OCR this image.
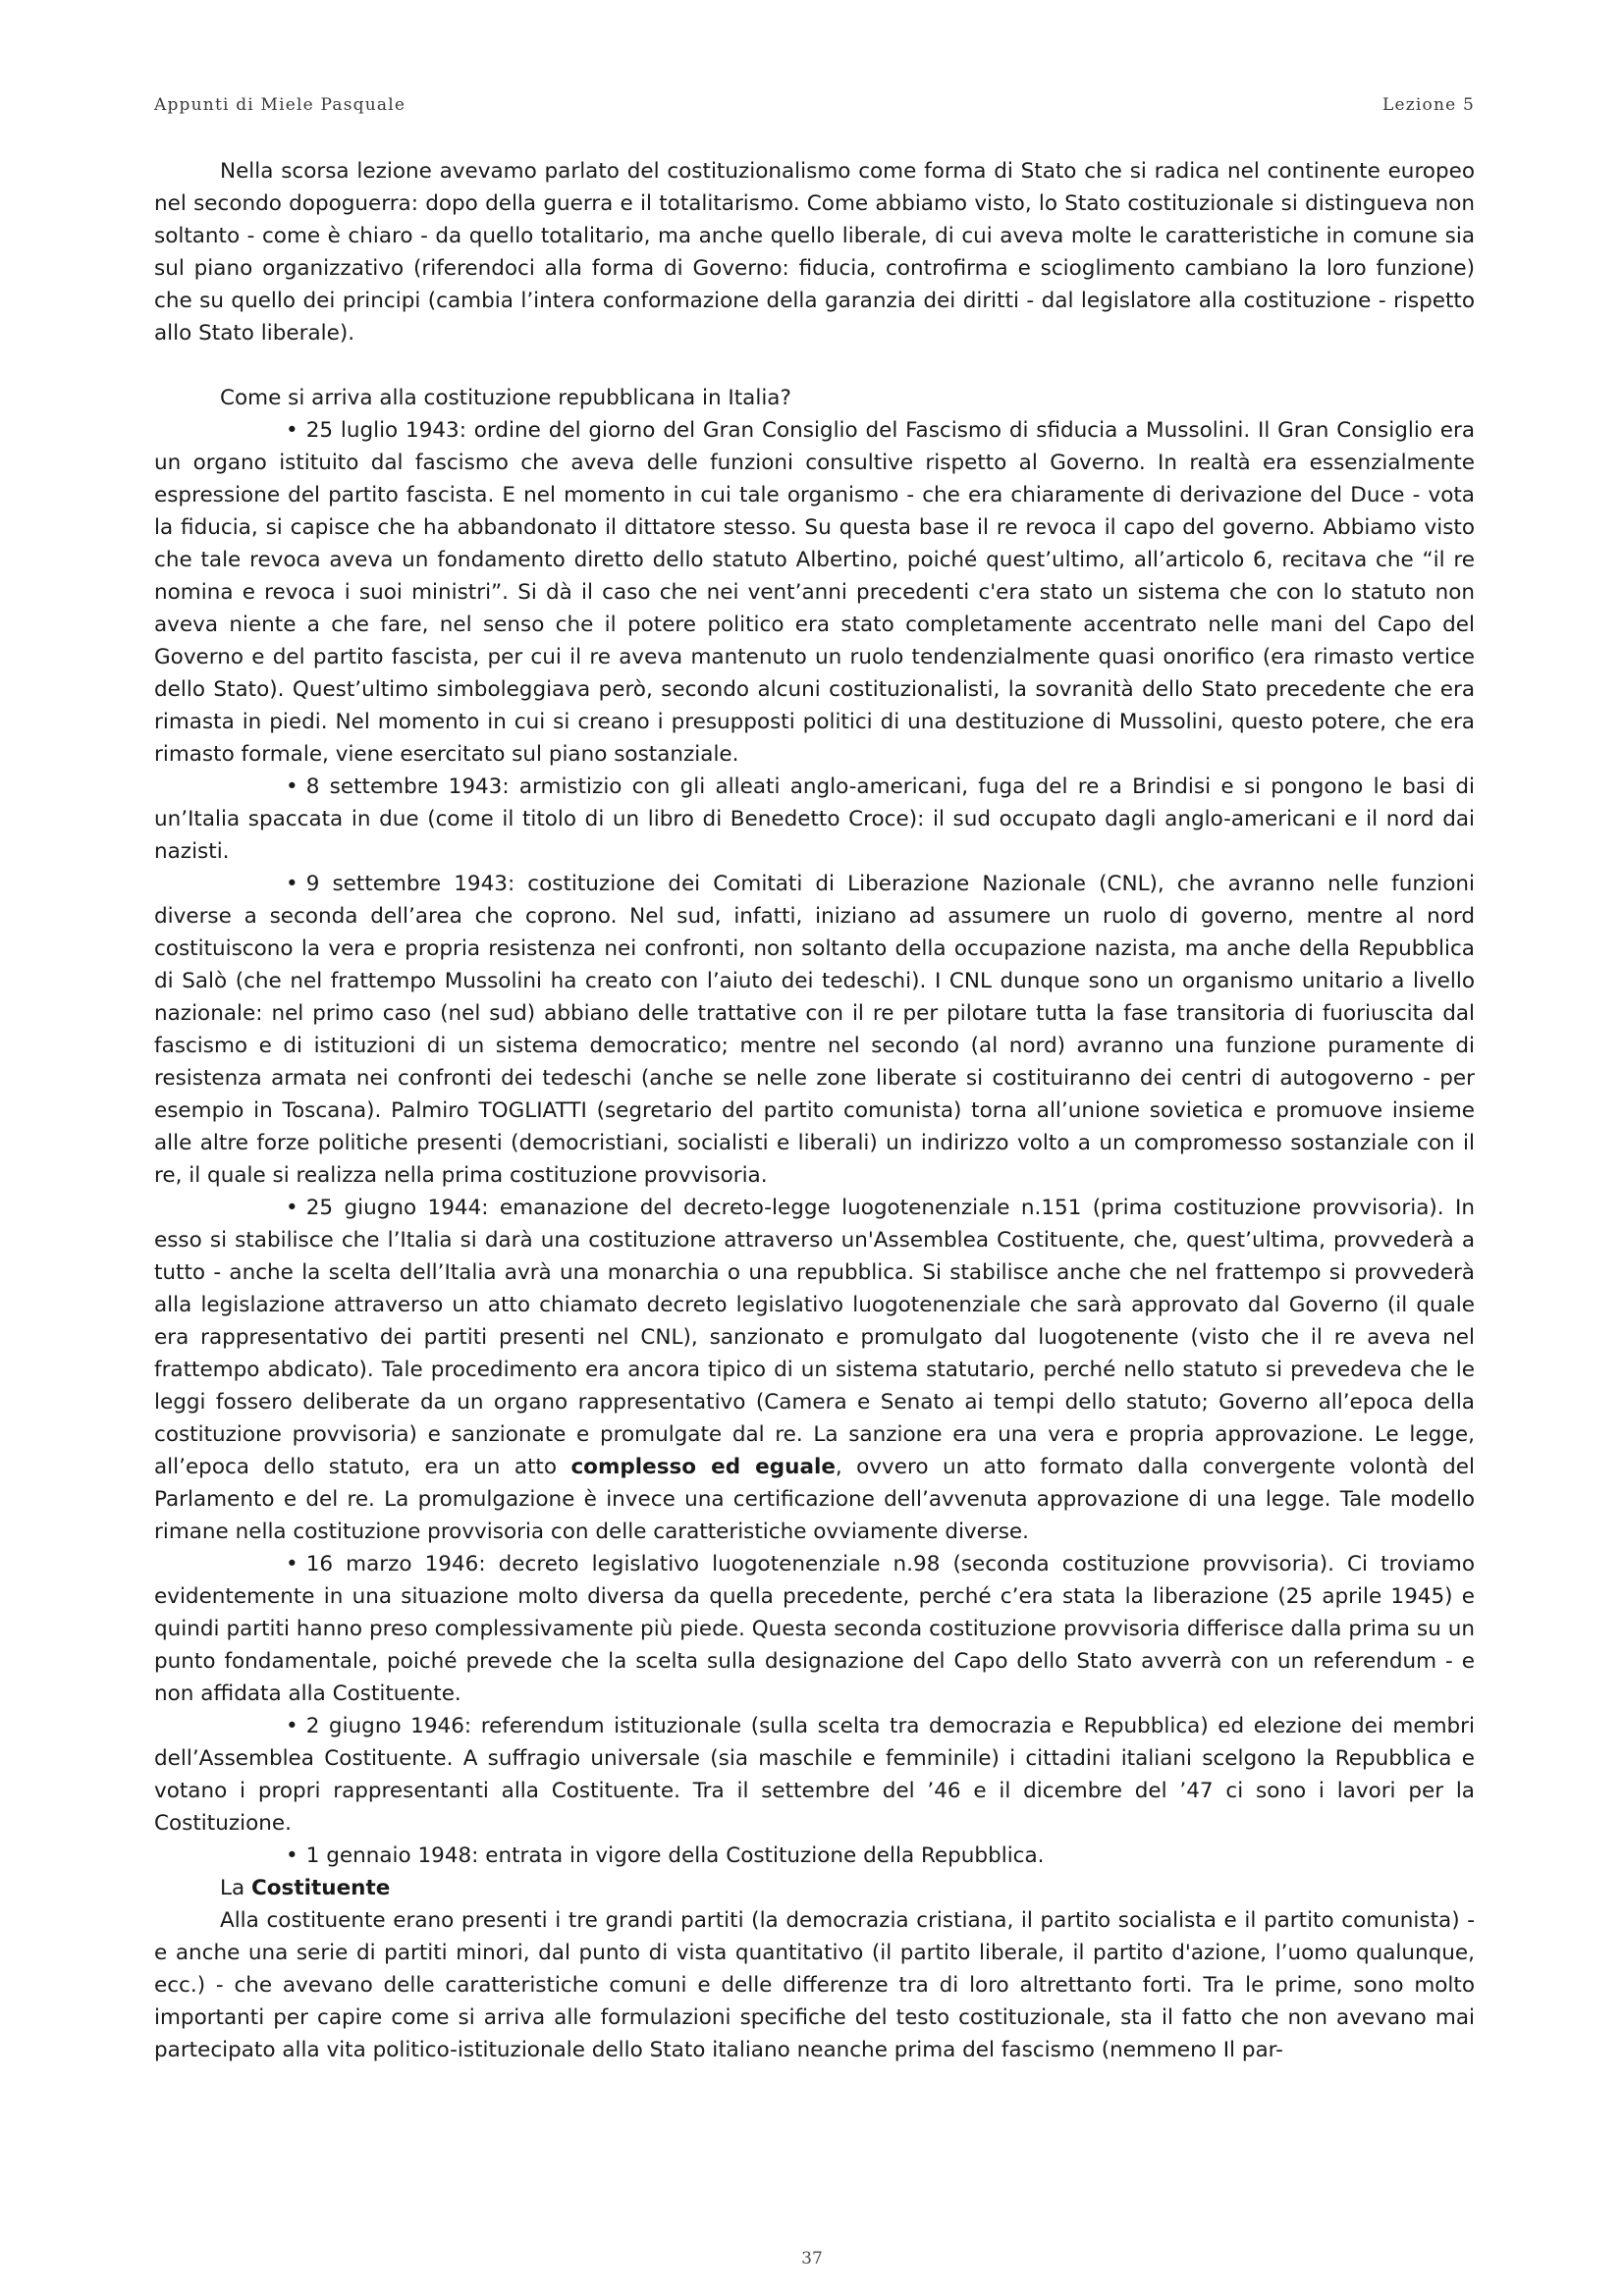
Appunti di Miele Pasquale	Lezione 5

Nella scorsa lezione avevamo parlato del costituzionalismo come forma di Stato che si radica nel continente europeo nel secondo dopoguerra: dopo della guerra e il totalitarismo. Come abbiamo visto, lo Stato costituzionale si distingueva non soltanto - come è chiaro - da quello totalitario, ma anche quello liberale, di cui aveva molte le caratteristiche in comune sia sul piano organizzativo (riferendoci alla forma di Governo: fiducia, controfirma e scioglimento cambiano la loro funzione) che su quello dei principi (cambia l’intera conformazione della garanzia dei diritti - dal legislatore alla costituzione - rispetto allo Stato liberale).

Come si arriva alla costituzione repubblicana in Italia?

• 25 luglio 1943: ordine del giorno del Gran Consiglio del Fascismo di sfiducia a Mussolini. Il Gran Consiglio era un organo istituito dal fascismo che aveva delle funzioni consultive rispetto al Governo. In realtà era essenzialmente espressione del partito fascista. E nel momento in cui tale organismo - che era chiaramente di derivazione del Duce - vota la fiducia, si capisce che ha abbandonato il dittatore stesso. Su questa base il re revoca il capo del governo. Abbiamo visto che tale revoca aveva un fondamento diretto dello statuto Albertino, poiché quest’ultimo, all’articolo 6, recitava che “il re nomina e revoca i suoi ministri”. Si dà il caso che nei vent’anni precedenti c'era stato un sistema che con lo statuto non aveva niente a che fare, nel senso che il potere politico era stato completamente accentrato nelle mani del Capo del Governo e del partito fascista, per cui il re aveva mantenuto un ruolo tendenzialmente quasi onorifico (era rimasto vertice dello Stato). Quest’ultimo simboleggiava però, secondo alcuni costituzionalisti, la sovranità dello Stato precedente che era rimasta in piedi. Nel momento in cui si creano i presupposti politici di una destituzione di Mussolini, questo potere, che era rimasto formale, viene esercitato sul piano sostanziale.

• 8 settembre 1943: armistizio con gli alleati anglo-americani, fuga del re a Brindisi e si pongono le basi di un’Italia spaccata in due (come il titolo di un libro di Benedetto Croce): il sud occupato dagli anglo-americani e il nord dai nazisti.

• 9 settembre 1943: costituzione dei Comitati di Liberazione Nazionale (CNL), che avranno nelle funzioni diverse a seconda dell’area che coprono. Nel sud, infatti, iniziano ad assumere un ruolo di governo, mentre al nord costituiscono la vera e propria resistenza nei confronti, non soltanto della occupazione nazista, ma anche della Repubblica di Salò (che nel frattempo Mussolini ha creato con l’aiuto dei tedeschi). I CNL dunque sono un organismo unitario a livello nazionale: nel primo caso (nel sud) abbiano delle trattative con il re per pilotare tutta la fase transitoria di fuoriuscita dal fascismo e di istituzioni di un sistema democratico; mentre nel secondo (al nord) avranno una funzione puramente di resistenza armata nei confronti dei tedeschi (anche se nelle zone liberate si costituiranno dei centri di autogoverno - per esempio in Toscana). Palmiro TOGLIATTI (segretario del partito comunista) torna all’unione sovietica e promuove insieme alle altre forze politiche presenti (democristiani, socialisti e liberali) un indirizzo volto a un compromesso sostanziale con il re, il quale si realizza nella prima costituzione provvisoria.

• 25 giugno 1944: emanazione del decreto-legge luogotenenziale n.151 (prima costituzione provvisoria). In esso si stabilisce che l’Italia si darà una costituzione attraverso un'Assemblea Costituente, che, quest’ultima, provvederà a tutto - anche la scelta dell’Italia avrà una monarchia o una repubblica. Si stabilisce anche che nel frattempo si provvederà alla legislazione attraverso un atto chiamato decreto legislativo luogotenenziale che sarà approvato dal Governo (il quale era rappresentativo dei partiti presenti nel CNL), sanzionato e promulgato dal luogotenente (visto che il re aveva nel frattempo abdicato). Tale procedimento era ancora tipico di un sistema statutario, perché nello statuto si prevedeva che le leggi fossero deliberate da un organo rappresentativo (Camera e Senato ai tempi dello statuto; Governo all’epoca della costituzione provvisoria) e sanzionate e promulgate dal re. La sanzione era una vera e propria approvazione. Le legge, all’epoca dello statuto, era un atto complesso ed eguale, ovvero un atto formato dalla convergente volontà del Parlamento e del re. La promulgazione è invece una certificazione dell’avvenuta approvazione di una legge. Tale modello rimane nella costituzione provvisoria con delle caratteristiche ovviamente diverse.

• 16 marzo 1946: decreto legislativo luogotenenziale n.98 (seconda costituzione provvisoria). Ci troviamo evidentemente in una situazione molto diversa da quella precedente, perché c’era stata la liberazione (25 aprile 1945) e quindi partiti hanno preso complessivamente più piede. Questa seconda costituzione provvisoria differisce dalla prima su un punto fondamentale, poiché prevede che la scelta sulla designazione del Capo dello Stato avverrà con un referendum - e non affidata alla Costituente.

• 2 giugno 1946: referendum istituzionale (sulla scelta tra democrazia e Repubblica) ed elezione dei membri dell’Assemblea Costituente. A suffragio universale (sia maschile e femminile) i cittadini italiani scelgono la Repubblica e votano i propri rappresentanti alla Costituente. Tra il settembre del ’46 e il dicembre del ’47 ci sono i lavori per la Costituzione.

• 1 gennaio 1948: entrata in vigore della Costituzione della Repubblica.

La Costituente

Alla costituente erano presenti i tre grandi partiti (la democrazia cristiana, il partito socialista e il partito comunista) - e anche una serie di partiti minori, dal punto di vista quantitativo (il partito liberale, il partito d'azione, l’uomo qualunque, ecc.) - che avevano delle caratteristiche comuni e delle differenze tra di loro altrettanto forti. Tra le prime, sono molto importanti per capire come si arriva alle formulazioni specifiche del testo costituzionale, sta il fatto che non avevano mai partecipato alla vita politico-istituzionale dello Stato italiano neanche prima del fascismo (nemmeno Il par-

37
